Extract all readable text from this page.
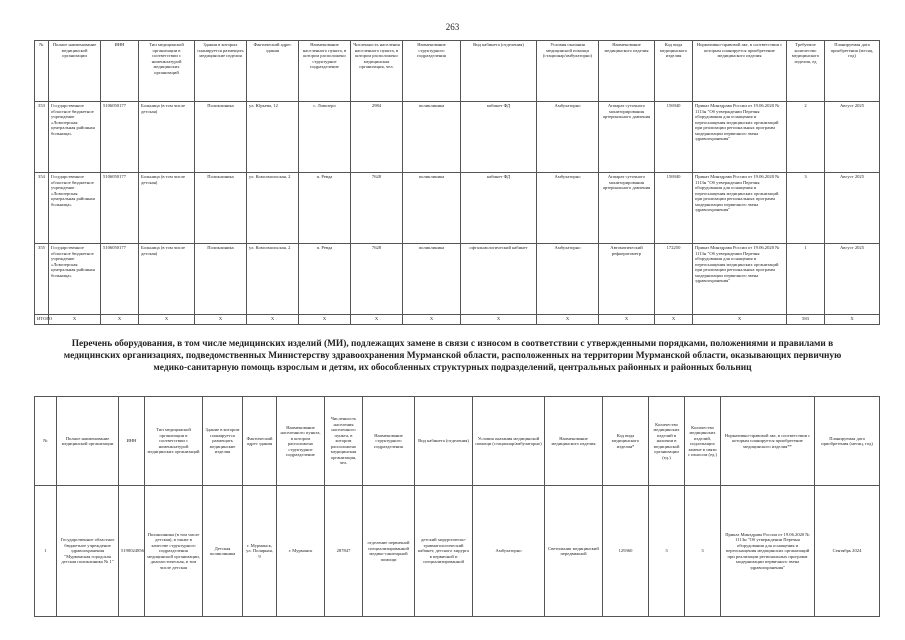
263
№	Полное наименование медицинской организации	ИНН	Тип медицинской организации в соответствии с номенклатурой медицинских организаций	Здания в которых планируется размещать медицинские изделия	Фактический адрес здания	Наименование населенного пункта, в котором расположено структурное подразделение	Численность населения населенного пункта, в котором расположено медицинская организация, чел.	Наименование структурного подразделения	Вид кабинета (отделения)	Условия оказания медицинской помощи (стационар/амбулаторно)	Наименование медицинского изделия	Код вида медицинского изделия	Нормативно-правовой акт, в соответствии с которым планируется приобретение медицинского изделия	Требуемое количество медицинского изделия, ед	Планируемая дата приобретения (месяц, год)
353	Государственное областное бюджетное учреждение «Ловозерская центральная районная больница»	5106050177	Больница (в том числе детская)	Поликлиника	ул. Юрьева, 12	с. Ловозеро	2984	поликлиника	кабинет ФД	Амбулаторно	Аппарат суточного мониторирования артериального давления	156940	Приказ Минздрава России от 19.06.2020 № 1113н "Об утверждении Перечня оборудования для оснащения и переоснащения медицинских организаций при реализации региональных программ модернизации первичного звена здравоохранения"	2	Август 2025
354	Государственное областное бюджетное учреждение «Ловозерская центральная районная больница»	5106050177	Больница (в том числе детская)	Поликлиника	ул. Комсомольская, 2	п. Ревда	7628	поликлиника	кабинет ФД	Амбулаторно	Аппарат суточного мониторирования артериального давления	156940	Приказ Минздрава России от 19.06.2020 № 1113н "Об утверждении Перечня оборудования для оснащения и переоснащения медицинских организаций при реализации региональных программ модернизации первичного звена здравоохранения"	3	Август 2025
355	Государственное областное бюджетное учреждение «Ловозерская центральная районная больница»	5106050177	Больница (в том числе детская)	Поликлиника	ул. Комсомольская, 2	п. Ревда	7628	поликлиника	офтальмологический кабинет	Амбулаторно	Автоматический рефкератометр	172250	Приказ Минздрава России от 19.06.2020 № 1113н "Об утверждении Перечня оборудования для оснащения и переоснащения медицинских организаций при реализации региональных программ модернизации первичного звена здравоохранения"	1	Август 2025
ИТОГО	X	X	X	X	X	X	X	X	X	X	X	X	X	583	X
Перечень оборудования, в том числе медицинских изделий (МИ), подлежащих замене в связи с износом в соответствии с утвержденными порядками, положениями и правилами в медицинских организациях, подведомственных Министерству здравоохранения Мурманской области, расположенных на территории Мурманской области, оказывающих первичную медико-санитарную помощь взрослым и детям, их обособленных структурных подразделений, центральных районных и районных больниц
№	Полное наименование медицинской организации	ИНН	Тип медицинской организации в соответствии с номенклатурой медицинских организаций	Здание в котором планируется размещать медицинские изделия	Фактический адрес здания	Наименование населенного пункта, в котором расположено структурное подразделение	Численность населения населенного пункта, в котором расположено медицинская организация, чел.	Наименование структурного подразделения	Вид кабинета (отделения)	Условия оказания медицинской помощи (стационар/амбулаторно)	Наименование медицинского изделия	Код вида медицинского изделия*	Количество медицинских изделий в наличии в медицинской организации (ед.)	Количество медицинских изделий, подлежащих замене в связи с износом (ед.)	Нормативно-правовой акт, в соответствии с которым планируется приобретение медицинского изделия**	Планируемая дата приобретения (месяц, год)
1	Государственное областное бюджетное учреждение здравоохранения "Мурманская городская детская поликлиника № 1"	5190024856	Поликлиника (в том числе детская), в также в качестве структурного подразделения медицинской организации, диагностическая, в том числе детская	Детская поликлиника	г. Мурманск, ул. Полярная, 9	г. Мурманск	287847	отделение первичной специализированной медико-санитарной помощи	детский хирургическо-травматологический кабинет, детского хирурга в первичной и специализированной	Амбулаторно	Светильник медицинский передвижной	129360	3	3	Приказ Минздрава России от 19.06.2020 № 1113н "Об утверждении Перечня оборудования для оснащения и переоснащения медицинских организаций при реализации региональных программ модернизации первичного звена здравоохранения"	Сентябрь 2024
